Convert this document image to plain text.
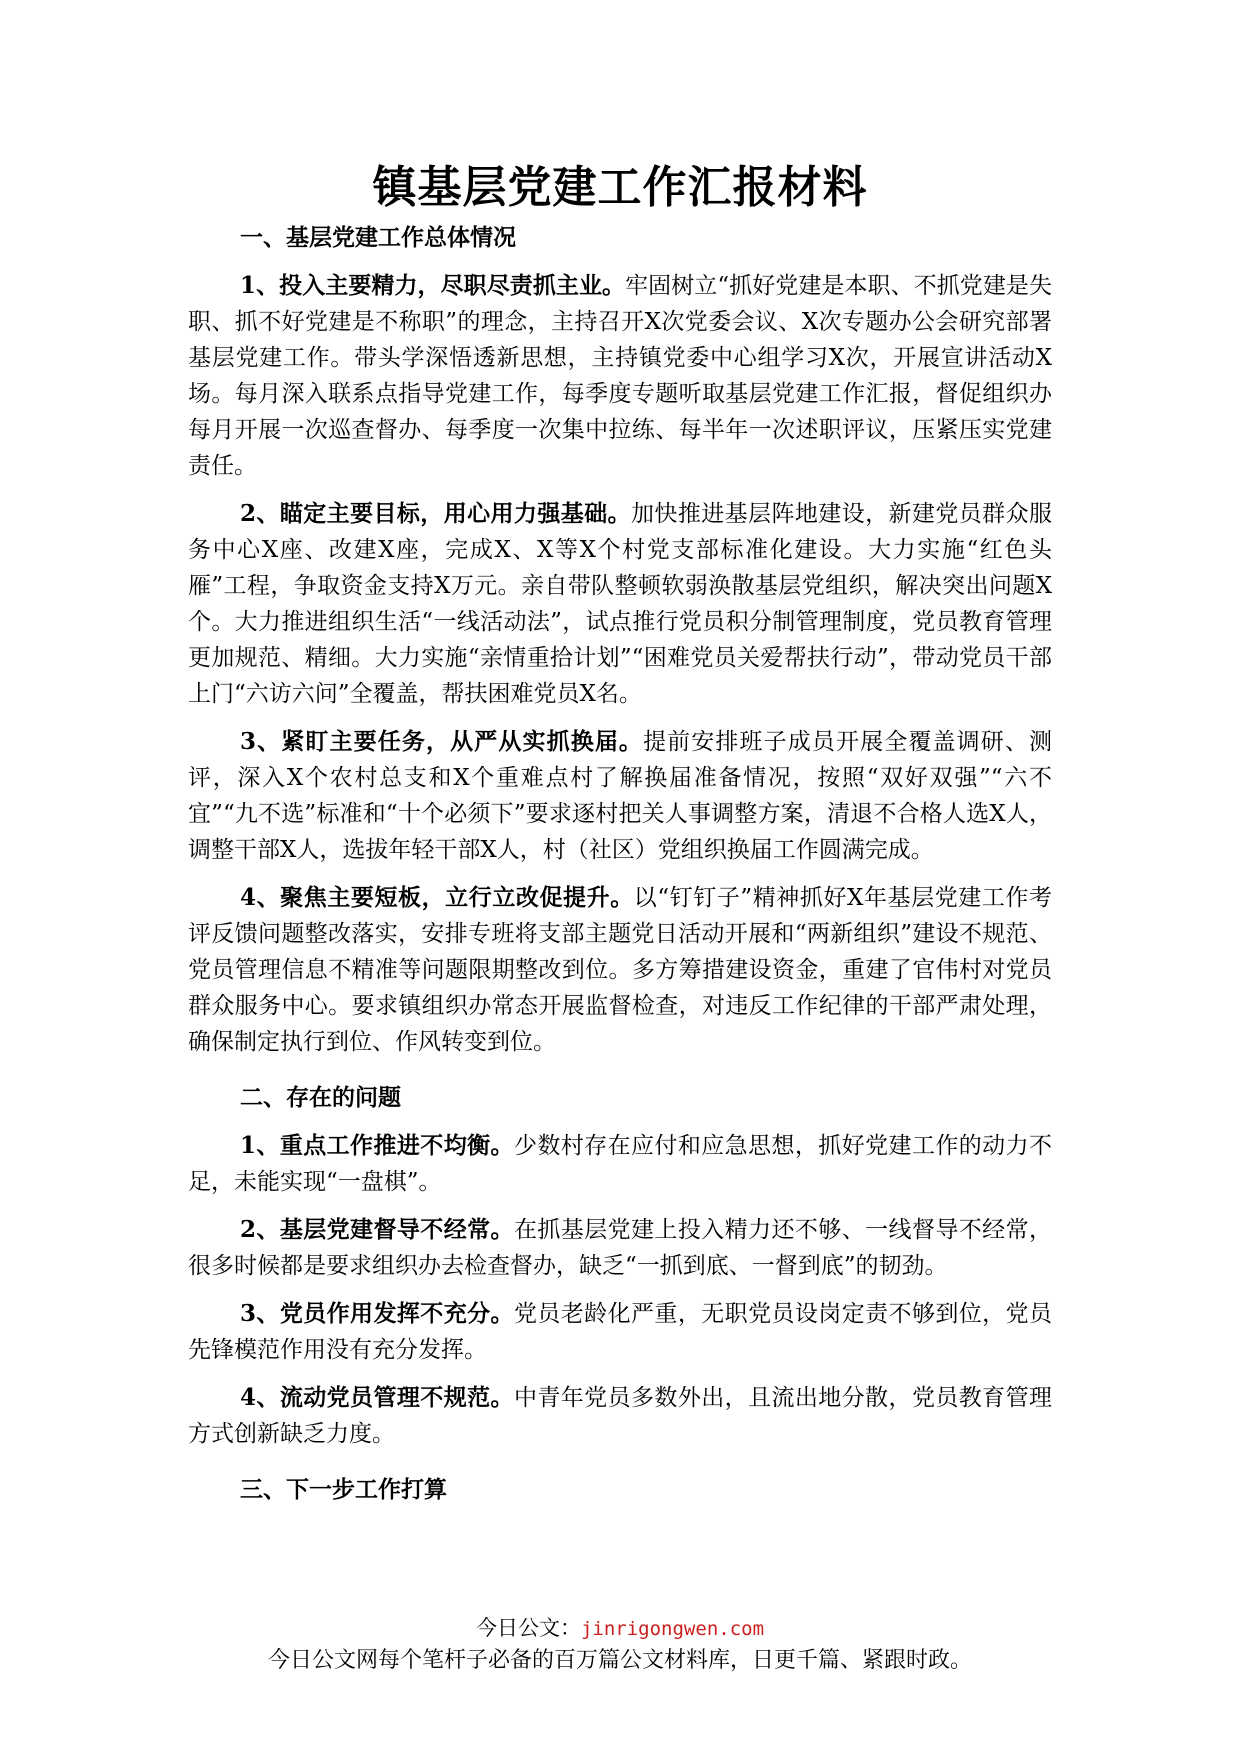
镇基层党建工作汇报材料
一、基层党建工作总体情况

1、投入主要精力，尽职尽责抓主业。牢固树立“抓好党建是本职、不抓党建是失职、抓不好党建是不称职”的理念，主持召开X次党委会议、X次专题办公会研究部署基层党建工作。带头学深悟透新思想，主持镇党委中心组学习X次，开展宣讲活动X场。每月深入联系点指导党建工作，每季度专题听取基层党建工作汇报，督促组织办每月开展一次巡查督办、每季度一次集中拉练、每半年一次述职评议，压紧压实党建责任。

2、瞄定主要目标，用心用力强基础。加快推进基层阵地建设，新建党员群众服务中心X座、改建X座，完成X、X等X个村党支部标准化建设。大力实施“红色头雁”工程，争取资金支持X万元。亲自带队整顿软弱涣散基层党组织，解决突出问题X个。大力推进组织生活“一线活动法”，试点推行党员积分制管理制度，党员教育管理更加规范、精细。大力实施“亲情重拾计划”“困难党员关爱帮扶行动”，带动党员干部上门“六访六问”全覆盖，帮扶困难党员X名。

3、紧盯主要任务，从严从实抓换届。提前安排班子成员开展全覆盖调研、测评，深入X个农村总支和X个重难点村了解换届准备情况，按照“双好双强”“六不宜”“九不选”标准和“十个必须下”要求逐村把关人事调整方案，清退不合格人选X人，调整干部X人，选拔年轻干部X人，村（社区）党组织换届工作圆满完成。

4、聚焦主要短板，立行立改促提升。以“钉钉子”精神抓好X年基层党建工作考评反馈问题整改落实，安排专班将支部主题党日活动开展和“两新组织”建设不规范、党员管理信息不精准等问题限期整改到位。多方筹措建设资金，重建了官伟村对党员群众服务中心。要求镇组织办常态开展监督检查，对违反工作纪律的干部严肃处理，确保制定执行到位、作风转变到位。

二、存在的问题

1、重点工作推进不均衡。少数村存在应付和应急思想，抓好党建工作的动力不足，未能实现“一盘棋”。

2、基层党建督导不经常。在抓基层党建上投入精力还不够、一线督导不经常，很多时候都是要求组织办去检查督办，缺乏“一抓到底、一督到底”的韧劲。

3、党员作用发挥不充分。党员老龄化严重，无职党员设岗定责不够到位，党员先锋模范作用没有充分发挥。

4、流动党员管理不规范。中青年党员多数外出，且流出地分散，党员教育管理方式创新缺乏力度。

三、下一步工作打算
今日公文：jinrigongwen.com
今日公文网每个笔杆子必备的百万篇公文材料库，日更千篇、紧跟时政。
